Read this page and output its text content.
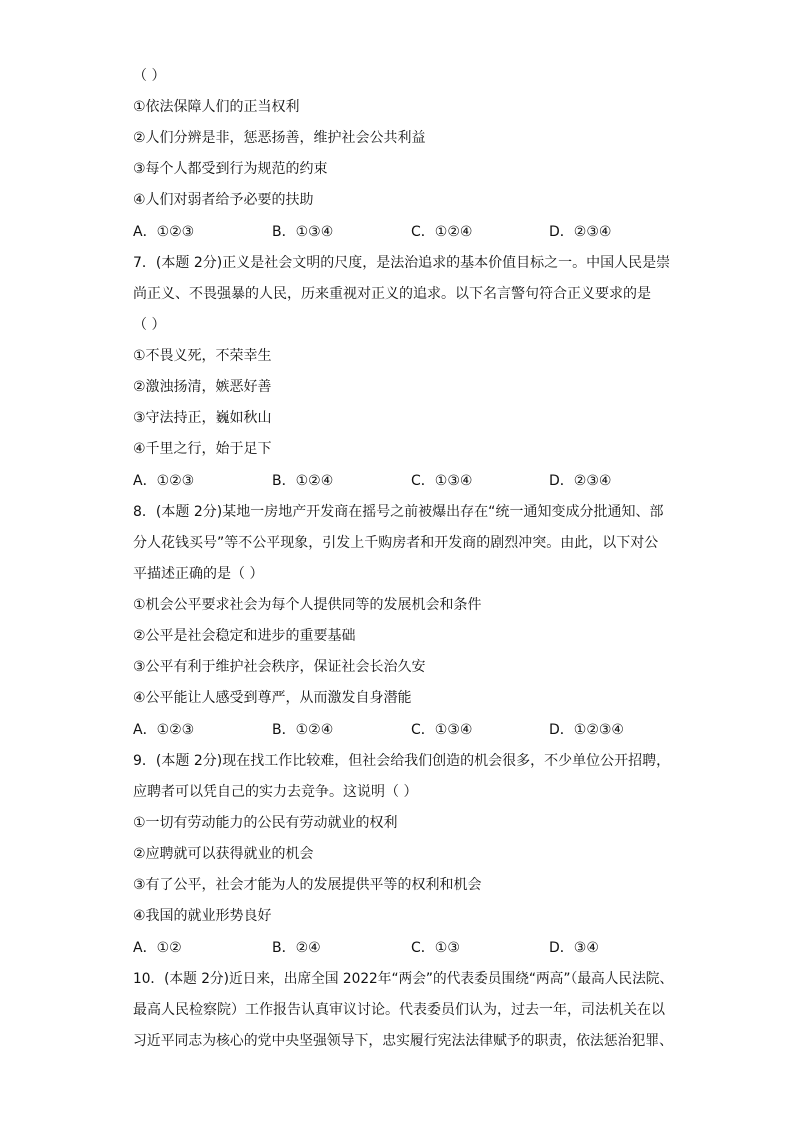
（ ）
①依法保障人们的正当权利
②人们分辨是非，惩恶扬善，维护社会公共利益
③每个人都受到行为规范的约束
④人们对弱者给予必要的扶助
A．①②③	B．①③④	C．①②④	D．②③④
7．(本题 2分)正义是社会文明的尺度，是法治追求的基本价值目标之一。中国人民是崇
尚正义、不畏强暴的人民，历来重视对正义的追求。以下名言警句符合正义要求的是
（ ）
①不畏义死，不荣幸生
②激浊扬清，嫉恶好善
③守法持正，巍如秋山
④千里之行，始于足下
A．①②③	B．①②④	C．①③④	D．②③④
8．(本题 2分)某地一房地产开发商在摇号之前被爆出存在“统一通知变成分批通知、部
分人花钱买号”等不公平现象，引发上千购房者和开发商的剧烈冲突。由此，以下对公
平描述正确的是（ ）
①机会公平要求社会为每个人提供同等的发展机会和条件
②公平是社会稳定和进步的重要基础
③公平有利于维护社会秩序，保证社会长治久安
④公平能让人感受到尊严，从而激发自身潜能
A．①②③	B．①②④	C．①③④	D．①②③④
9．(本题 2分)现在找工作比较难，但社会给我们创造的机会很多，不少单位公开招聘，
应聘者可以凭自己的实力去竞争。这说明（ ）
①一切有劳动能力的公民有劳动就业的权利
②应聘就可以获得就业的机会
③有了公平，社会才能为人的发展提供平等的权利和机会
④我国的就业形势良好
A．①②	B．②④	C．①③	D．③④
10．(本题 2分)近日来，出席全国 2022年“两会”的代表委员围绕“两高”（最高人民法院、
最高人民检察院）工作报告认真审议讨论。代表委员们认为，过去一年，司法机关在以
习近平同志为核心的党中央坚强领导下，忠实履行宪法法律赋予的职责，依法惩治犯罪、
